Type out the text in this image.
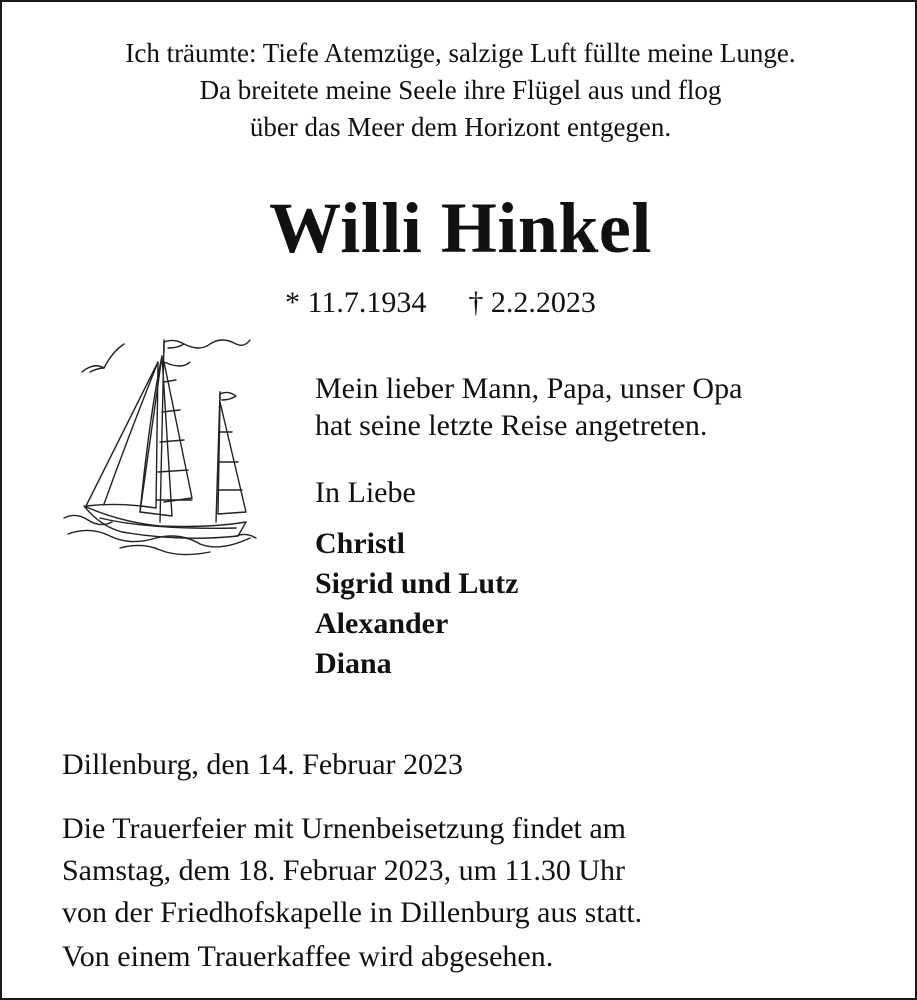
Ich träumte: Tiefe Atemzüge, salzige Luft füllte meine Lunge.
Da breitete meine Seele ihre Flügel aus und flog
über das Meer dem Horizont entgegen.
Willi Hinkel
* 11.7.1934 † 2.2.2023
Mein lieber Mann, Papa, unser Opa
hat seine letzte Reise angetreten.
In Liebe
Christl
Sigrid und Lutz
Alexander
Diana
Dillenburg, den 14. Februar 2023
Die Trauerfeier mit Urnenbeisetzung findet am
Samstag, dem 18. Februar 2023, um 11.30 Uhr
von der Friedhofskapelle in Dillenburg aus statt.
Von einem Trauerkaffee wird abgesehen.
